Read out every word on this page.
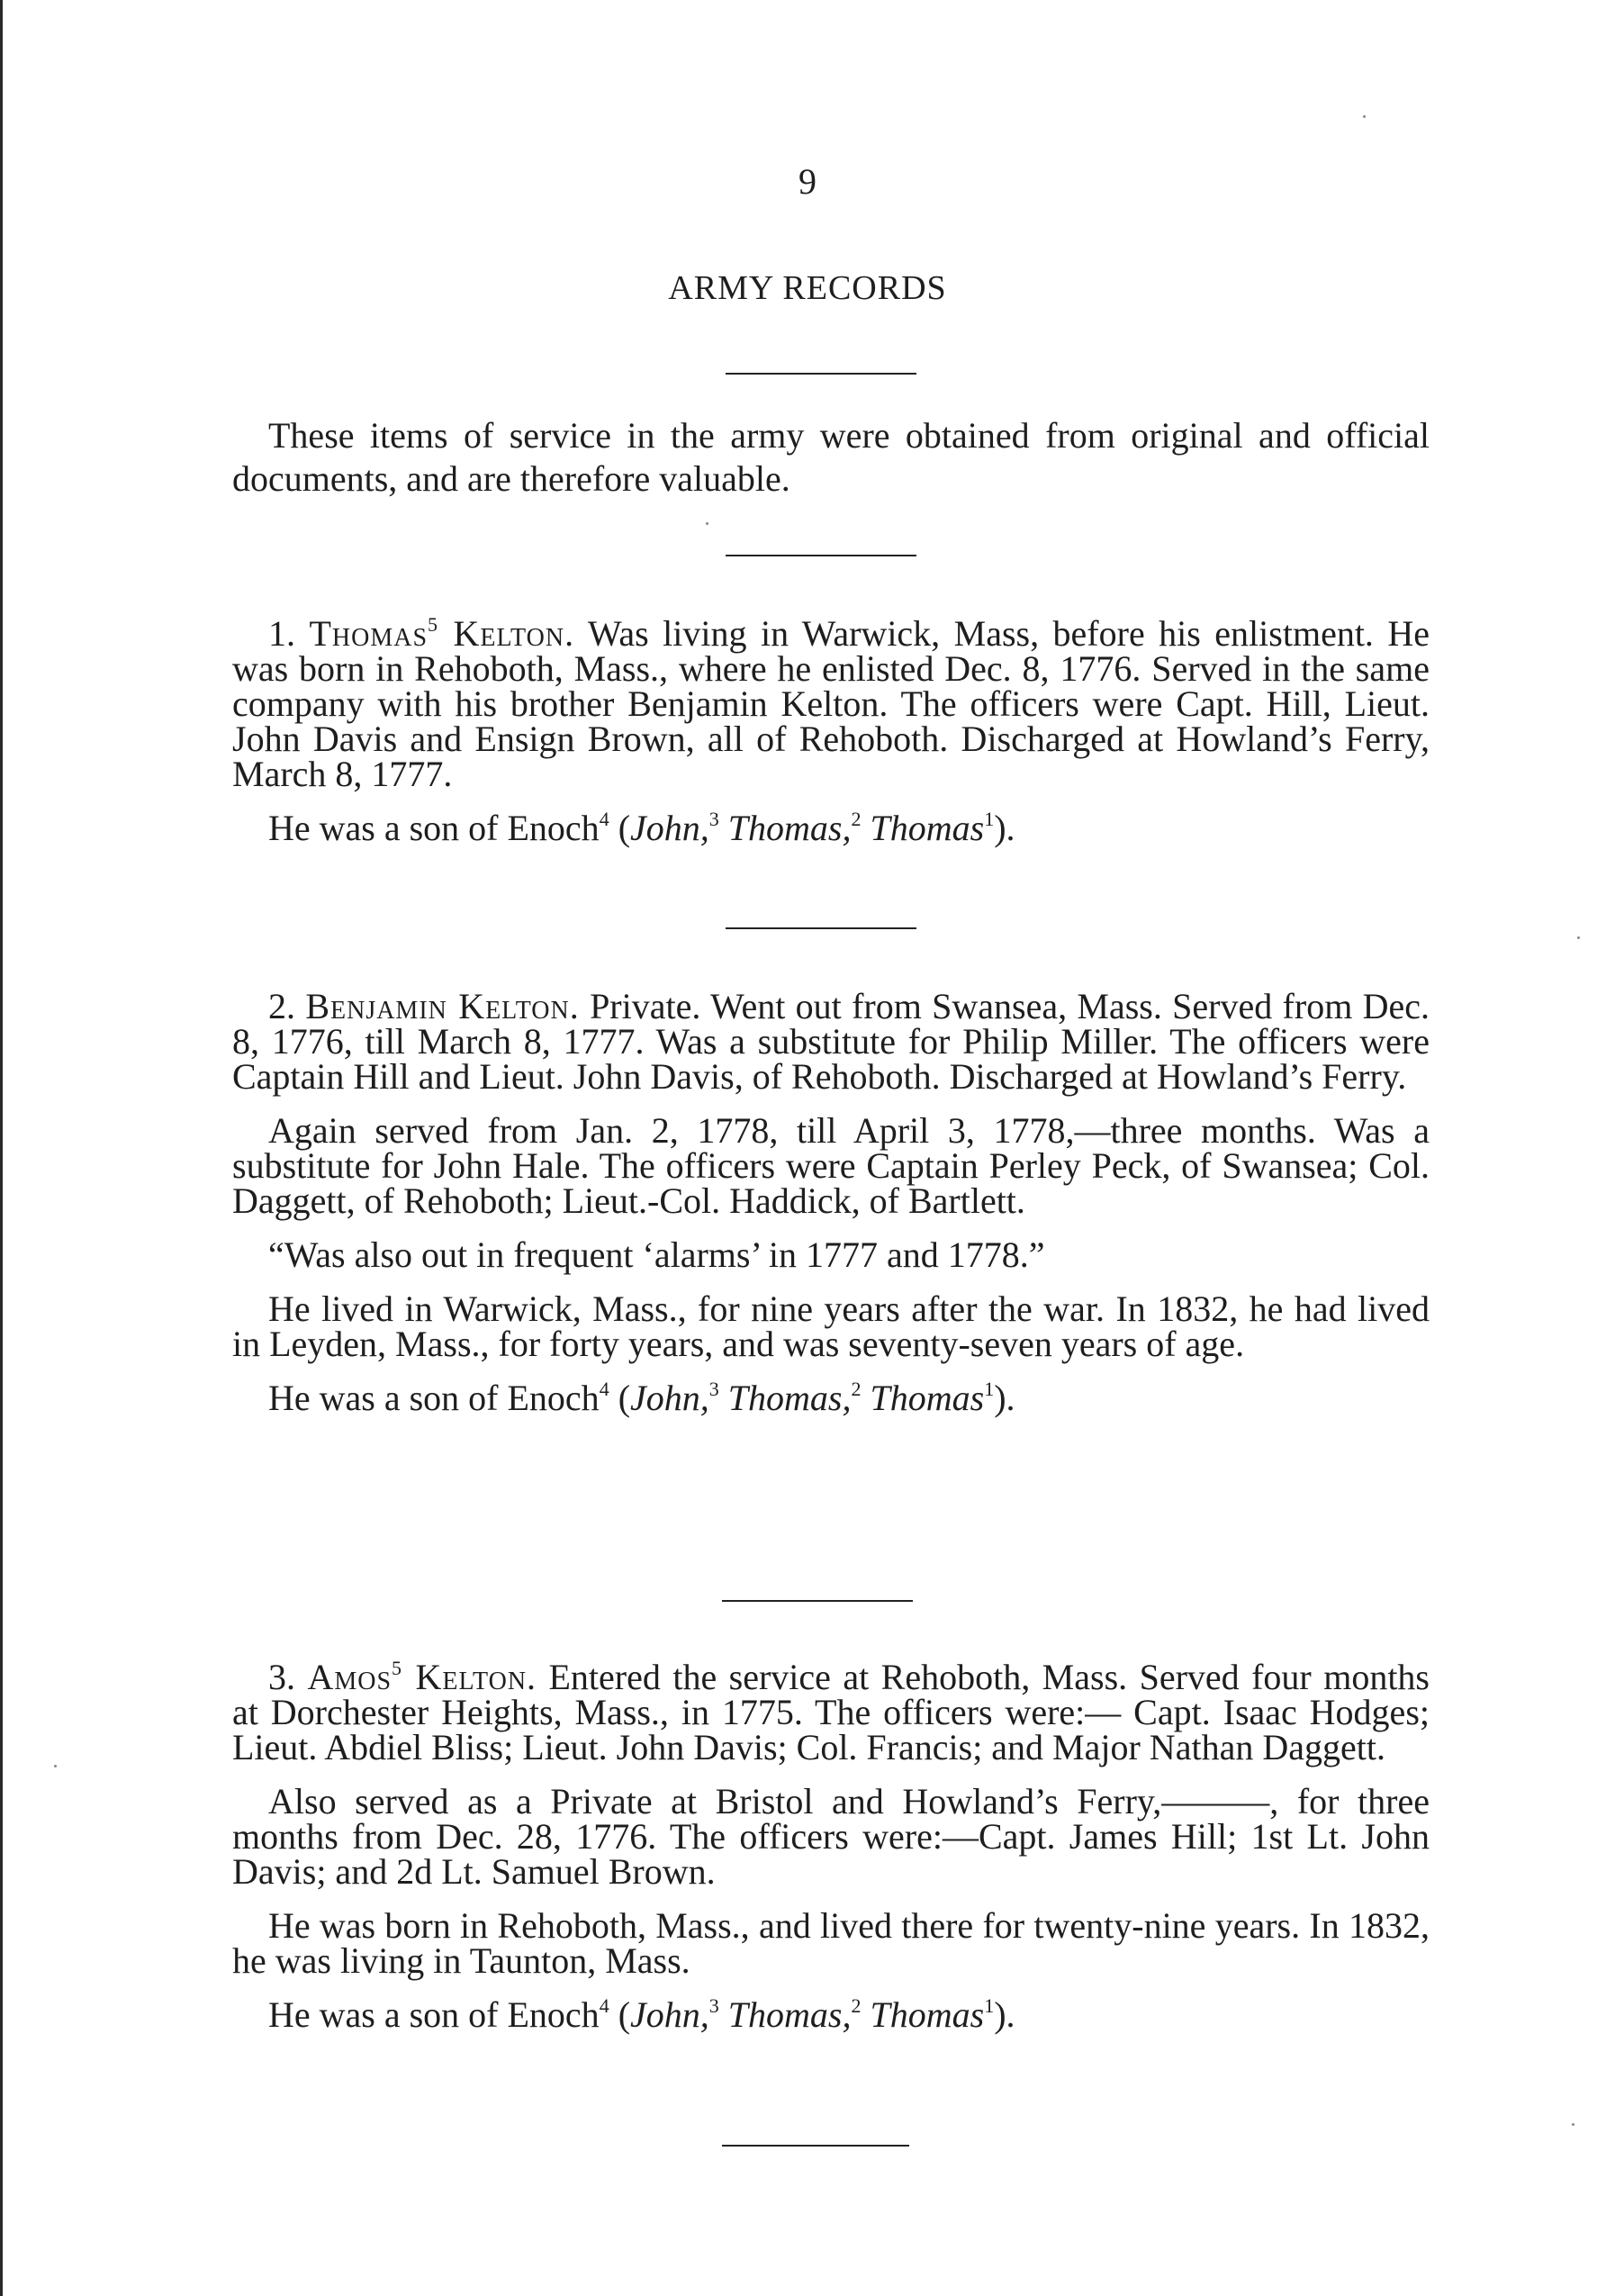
9
ARMY RECORDS

These items of service in the army were obtained from original and official documents, and are therefore valuable.

1. Thomas$^5$ Kelton. Was living in Warwick, Mass, before his enlistment. He was born in Rehoboth, Mass., where he enlisted Dec. 8, 1776. Served in the same company with his brother Benjamin Kelton. The officers were Capt. Hill, Lieut. John Davis and Ensign Brown, all of Rehoboth. Discharged at Howland’s Ferry, March 8, 1777.

He was a son of Enoch$^4$ (John,$^3$ Thomas,$^2$ Thomas$^1$).

2. Benjamin Kelton. Private. Went out from Swansea, Mass. Served from Dec. 8, 1776, till March 8, 1777. Was a substitute for Philip Miller. The officers were Captain Hill and Lieut. John Davis, of Rehoboth. Discharged at Howland’s Ferry.

Again served from Jan. 2, 1778, till April 3, 1778,—three months. Was a substitute for John Hale. The officers were Captain Perley Peck, of Swansea; Col. Daggett, of Rehoboth; Lieut.-Col. Haddick, of Bartlett.

“Was also out in frequent ‘alarms’ in 1777 and 1778.”

He lived in Warwick, Mass., for nine years after the war. In 1832, he had lived in Leyden, Mass., for forty years, and was seventy-seven years of age.

He was a son of Enoch$^4$ (John,$^3$ Thomas,$^2$ Thomas$^1$).

3. Amos$^5$ Kelton. Entered the service at Rehoboth, Mass. Served four months at Dorchester Heights, Mass., in 1775. The officers were:— Capt. Isaac Hodges; Lieut. Abdiel Bliss; Lieut. John Davis; Col. Francis; and Major Nathan Daggett.

Also served as a Private at Bristol and Howland’s Ferry,———, for three months from Dec. 28, 1776. The officers were:—Capt. James Hill; 1st Lt. John Davis; and 2d Lt. Samuel Brown.

He was born in Rehoboth, Mass., and lived there for twenty-nine years. In 1832, he was living in Taunton, Mass.

He was a son of Enoch$^4$ (John,$^3$ Thomas,$^2$ Thomas$^1$).
